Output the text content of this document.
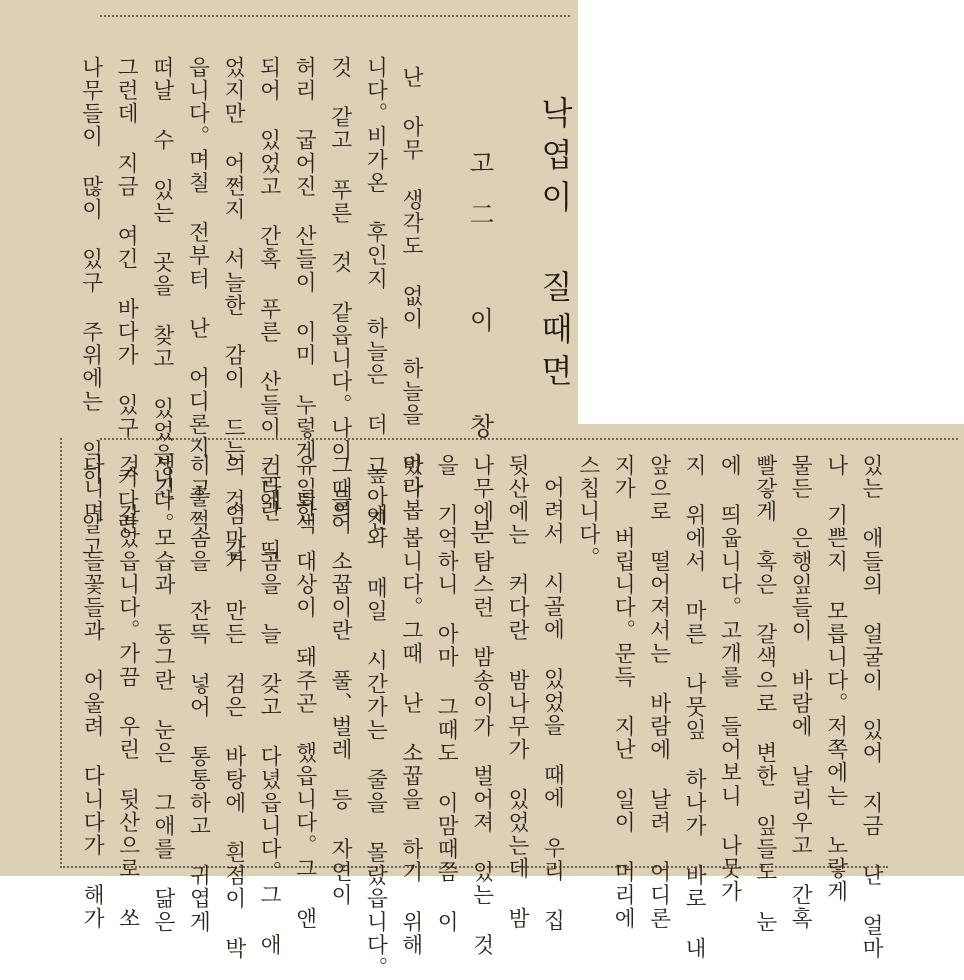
낙엽이 질때면
고二 이 창 분
난 아무 생각도 없이 하늘을 바라봅
니다。비가온 후인지 하늘은 더 높아진
것 같고 푸른 것 같읍니다。나이 들어
허리 굽어진 산들이 이미 누렇게 퇴색
되어 있었고 간혹 푸른 산들이 눈에 띄
었지만 어쩐지 서늘한 감이 드는 것 같
읍니다。며칠 전부터 난 어디론지 훌쩍
떠날 수 있는 곳을 찾고 있었읍니다。
그런데 지금 여긴 바다가 있구 커다란
나무들이 많이 있구 주위에는 익히 알고
있는 애들의 얼굴이 있어 지금 난 얼마
나 기쁜지 모릅니다。저쪽에는 노랗게
물든 은행잎들이 바람에 날리우고 간혹
빨갛게 혹은 갈색으로 변한 잎들도 눈
에 띄웁니다。고개를 들어보니 나뭇가
지 위에서 마른 나뭇잎 하나가 바로 내
앞으로 떨어져서는 바람에 날려 어디론
지가 버립니다。문득 지난 일이 머리에
스칩니다。
어려서 시골에 있었을 때에 우리 집
뒷산에는 커다란 밤나무가 있었는데 밤
나무에 탐스런 밤송이가 벌어져 있는 것
을 기억하니 아마 그때도 이맘때쯤 이
었나 봅니다。그때 난 소꿉을 하기 위해
그 애와 매일 시간가는 줄을 몰랐읍니다。
그때의 소꿉이란 풀、벌레 등 자연이
유일한 대상이 돼주곤 했읍니다。그 앤
커다란 곰을 늘 갖고 다녔읍니다。그 애
의 엄마가 만든 검은 바탕에 흰점이 박
히고 솜을 잔뜩 넣어 통통하고 귀엽게
생긴 모습과 동그란 눈은 그애를 닮은
것 같았읍니다。가끔 우린 뒷산으로 쏘
다니며 들꽃들과 어울려 다니다가 해가
